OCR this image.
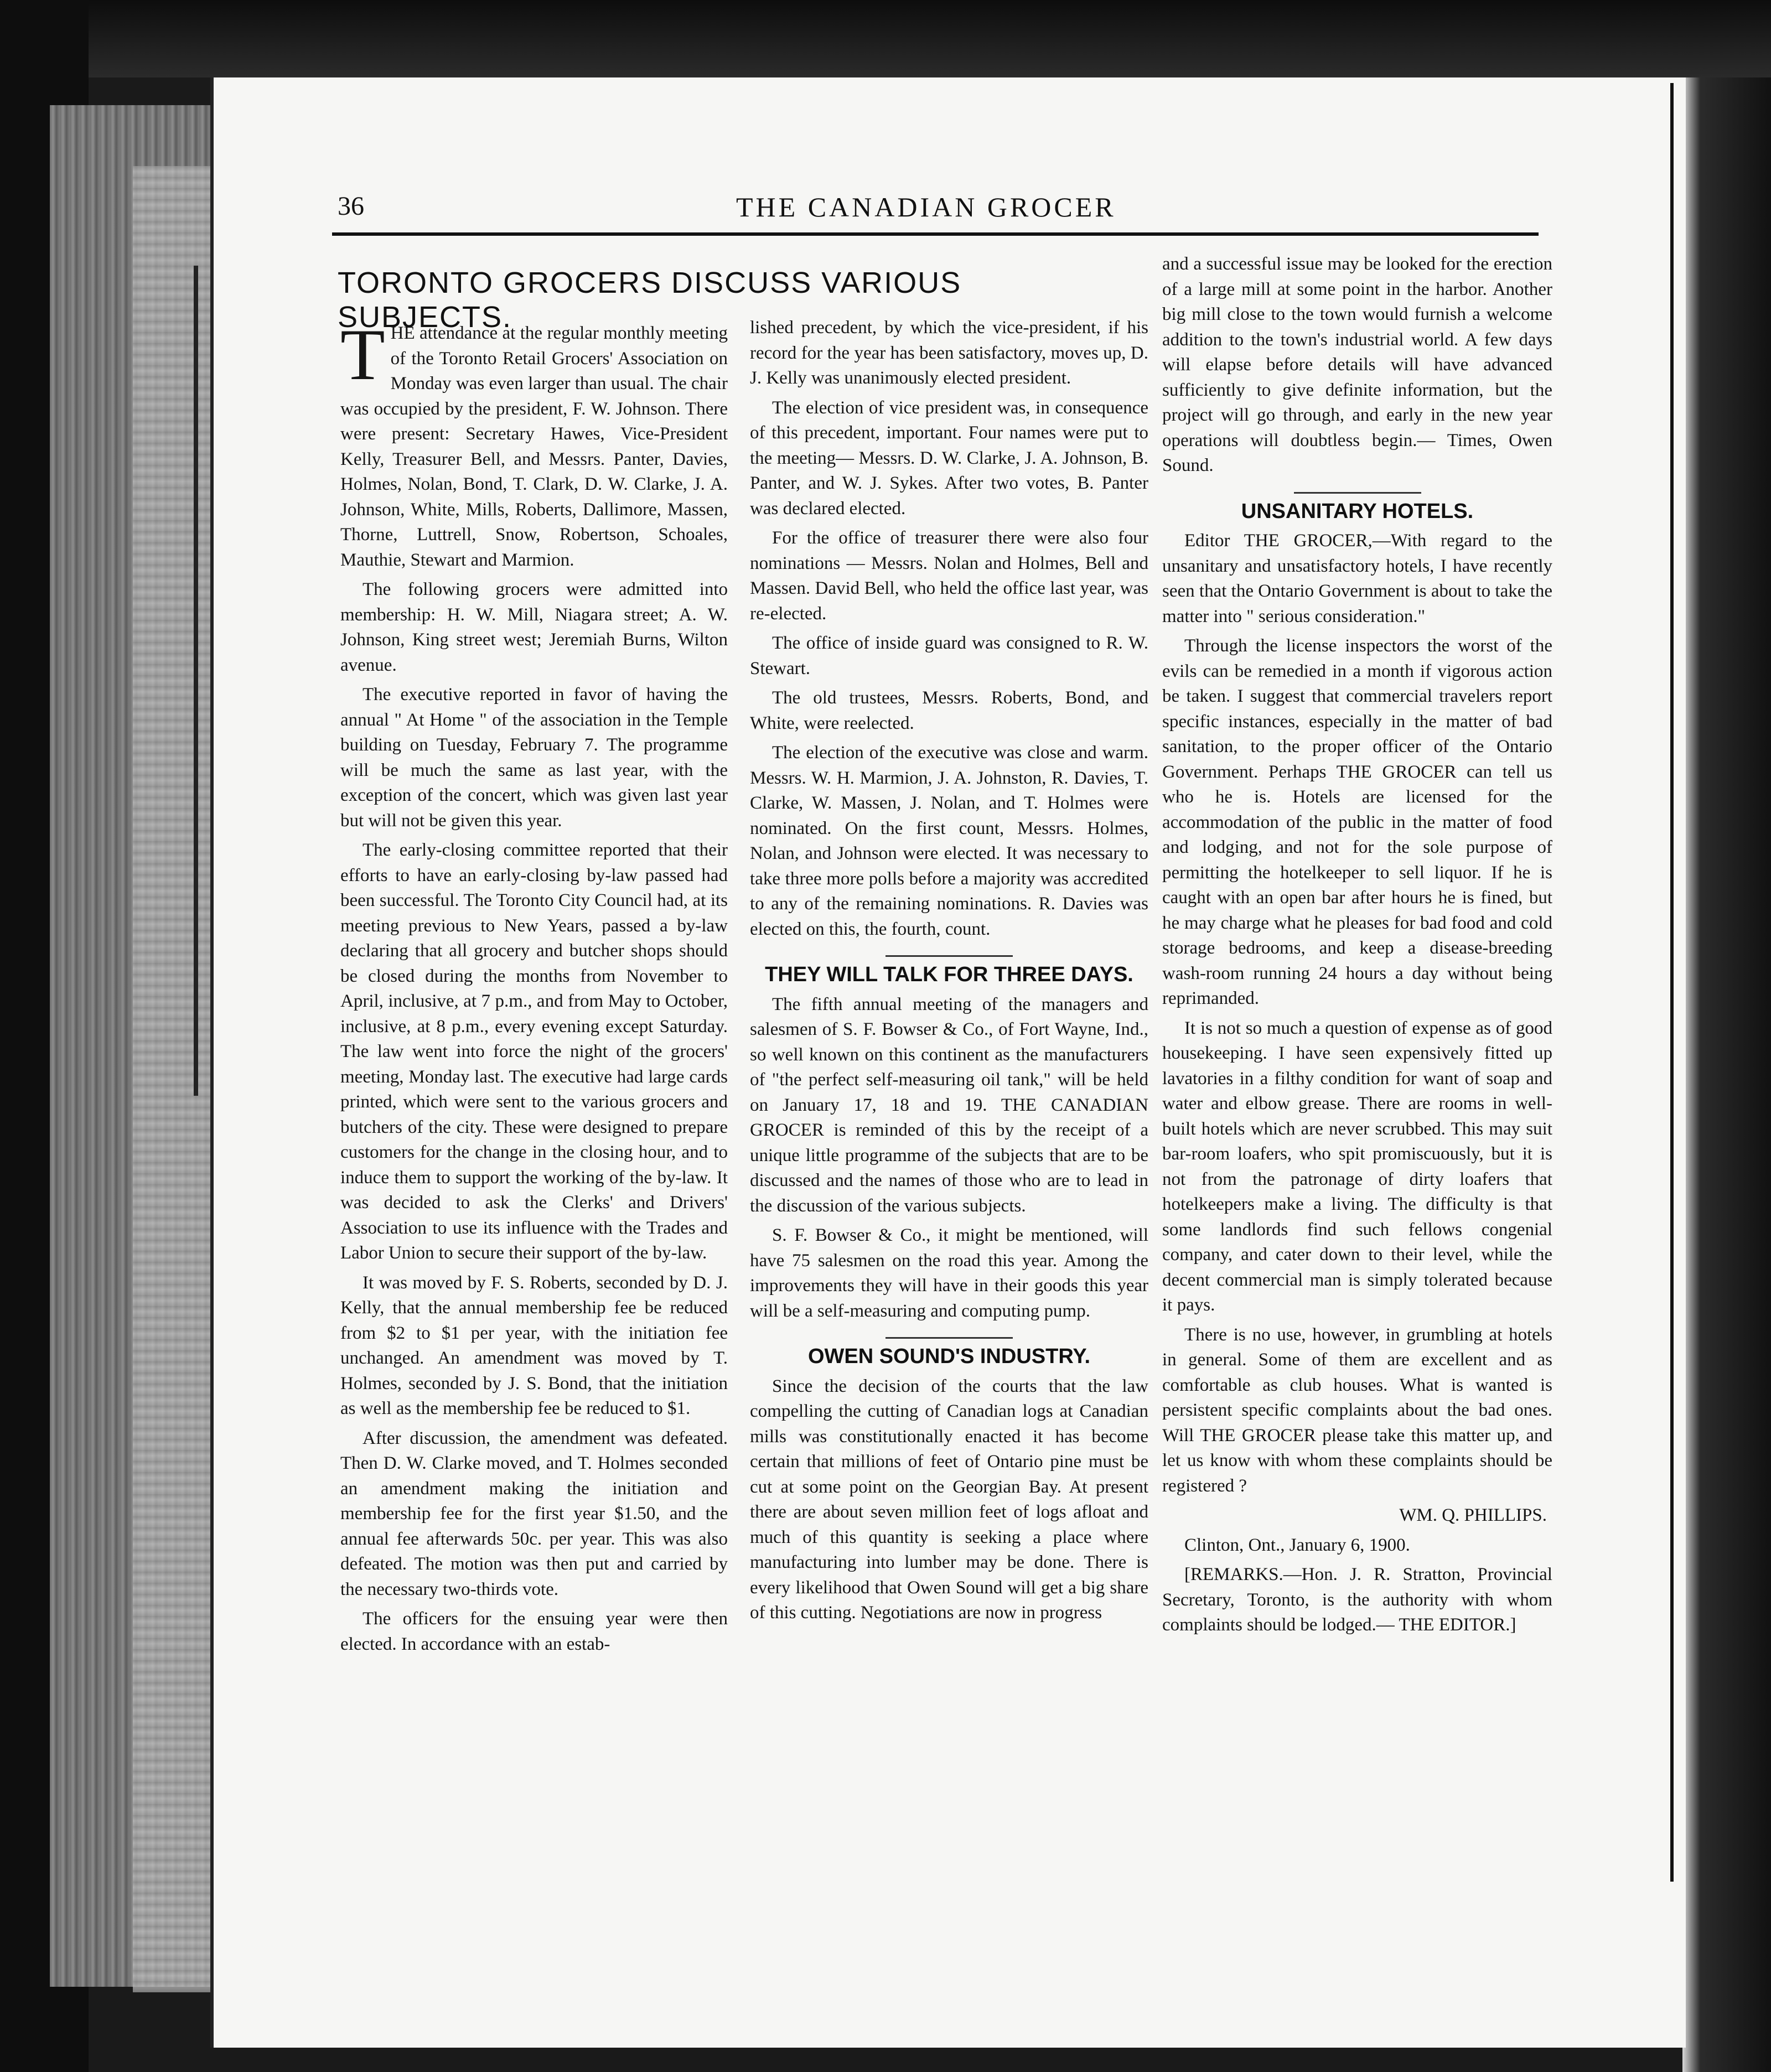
36	THE CANADIAN GROCER
TORONTO GROCERS DISCUSS VARIOUS SUBJECTS.

THE attendance at the regular monthly meeting of the Toronto Retail Grocers' Association on Monday was even larger than usual. The chair was occupied by the president, F. W. Johnson. There were present: Secretary Hawes, Vice-President Kelly, Treasurer Bell, and Messrs. Panter, Davies, Holmes, Nolan, Bond, T. Clark, D. W. Clarke, J. A. Johnson, White, Mills, Roberts, Dallimore, Massen, Thorne, Luttrell, Snow, Robertson, Schoales, Mauthie, Stewart and Marmion.

The following grocers were admitted into membership: H. W. Mill, Niagara street; A. W. Johnson, King street west; Jeremiah Burns, Wilton avenue.

The executive reported in favor of having the annual " At Home " of the association in the Temple building on Tuesday, February 7. The programme will be much the same as last year, with the exception of the concert, which was given last year but will not be given this year.

The early-closing committee reported that their efforts to have an early-closing by-law passed had been successful. The Toronto City Council had, at its meeting previous to New Years, passed a by-law declaring that all grocery and butcher shops should be closed during the months from November to April, inclusive, at 7 p.m., and from May to October, inclusive, at 8 p.m., every evening except Saturday. The law went into force the night of the grocers' meeting, Monday last. The executive had large cards printed, which were sent to the various grocers and butchers of the city. These were designed to prepare customers for the change in the closing hour, and to induce them to support the working of the by-law. It was decided to ask the Clerks' and Drivers' Association to use its influence with the Trades and Labor Union to secure their support of the by-law.

It was moved by F. S. Roberts, seconded by D. J. Kelly, that the annual membership fee be reduced from $2 to $1 per year, with the initiation fee unchanged. An amendment was moved by T. Holmes, seconded by J. S. Bond, that the initiation as well as the membership fee be reduced to $1.

After discussion, the amendment was defeated. Then D. W. Clarke moved, and T. Holmes seconded an amendment making the initiation and membership fee for the first year $1.50, and the annual fee afterwards 50c. per year. This was also defeated. The motion was then put and carried by the necessary two-thirds vote.

The officers for the ensuing year were then elected. In accordance with an estab-

lished precedent, by which the vice-president, if his record for the year has been satisfactory, moves up, D. J. Kelly was unanimously elected president.

The election of vice president was, in consequence of this precedent, important. Four names were put to the meeting— Messrs. D. W. Clarke, J. A. Johnson, B. Panter, and W. J. Sykes. After two votes, B. Panter was declared elected.

For the office of treasurer there were also four nominations — Messrs. Nolan and Holmes, Bell and Massen. David Bell, who held the office last year, was re-elected.

The office of inside guard was consigned to R. W. Stewart.

The old trustees, Messrs. Roberts, Bond, and White, were reelected.

The election of the executive was close and warm. Messrs. W. H. Marmion, J. A. Johnston, R. Davies, T. Clarke, W. Massen, J. Nolan, and T. Holmes were nominated. On the first count, Messrs. Holmes, Nolan, and Johnson were elected. It was necessary to take three more polls before a majority was accredited to any of the remaining nominations. R. Davies was elected on this, the fourth, count.

THEY WILL TALK FOR THREE DAYS.

The fifth annual meeting of the managers and salesmen of S. F. Bowser & Co., of Fort Wayne, Ind., so well known on this continent as the manufacturers of "the perfect self-measuring oil tank," will be held on January 17, 18 and 19. THE CANADIAN GROCER is reminded of this by the receipt of a unique little programme of the subjects that are to be discussed and the names of those who are to lead in the discussion of the various subjects.

S. F. Bowser & Co., it might be mentioned, will have 75 salesmen on the road this year. Among the improvements they will have in their goods this year will be a self-measuring and computing pump.

OWEN SOUND'S INDUSTRY.

Since the decision of the courts that the law compelling the cutting of Canadian logs at Canadian mills was constitutionally enacted it has become certain that millions of feet of Ontario pine must be cut at some point on the Georgian Bay. At present there are about seven million feet of logs afloat and much of this quantity is seeking a place where manufacturing into lumber may be done. There is every likelihood that Owen Sound will get a big share of this cutting. Negotiations are now in progress

and a successful issue may be looked for the erection of a large mill at some point in the harbor. Another big mill close to the town would furnish a welcome addition to the town's industrial world. A few days will elapse before details will have advanced sufficiently to give definite information, but the project will go through, and early in the new year operations will doubtless begin.— Times, Owen Sound.

UNSANITARY HOTELS.

Editor THE GROCER,—With regard to the unsanitary and unsatisfactory hotels, I have recently seen that the Ontario Government is about to take the matter into " serious consideration."

Through the license inspectors the worst of the evils can be remedied in a month if vigorous action be taken. I suggest that commercial travelers report specific instances, especially in the matter of bad sanitation, to the proper officer of the Ontario Government. Perhaps THE GROCER can tell us who he is. Hotels are licensed for the accommodation of the public in the matter of food and lodging, and not for the sole purpose of permitting the hotelkeeper to sell liquor. If he is caught with an open bar after hours he is fined, but he may charge what he pleases for bad food and cold storage bedrooms, and keep a disease-breeding wash-room running 24 hours a day without being reprimanded.

It is not so much a question of expense as of good housekeeping. I have seen expensively fitted up lavatories in a filthy condition for want of soap and water and elbow grease. There are rooms in well-built hotels which are never scrubbed. This may suit bar-room loafers, who spit promiscuously, but it is not from the patronage of dirty loafers that hotelkeepers make a living. The difficulty is that some landlords find such fellows congenial company, and cater down to their level, while the decent commercial man is simply tolerated because it pays.

There is no use, however, in grumbling at hotels in general. Some of them are excellent and as comfortable as club houses. What is wanted is persistent specific complaints about the bad ones. Will THE GROCER please take this matter up, and let us know with whom these complaints should be registered ?

WM. Q. PHILLIPS.

Clinton, Ont., January 6, 1900.

[REMARKS.—Hon. J. R. Stratton, Provincial Secretary, Toronto, is the authority with whom complaints should be lodged.— THE EDITOR.]
